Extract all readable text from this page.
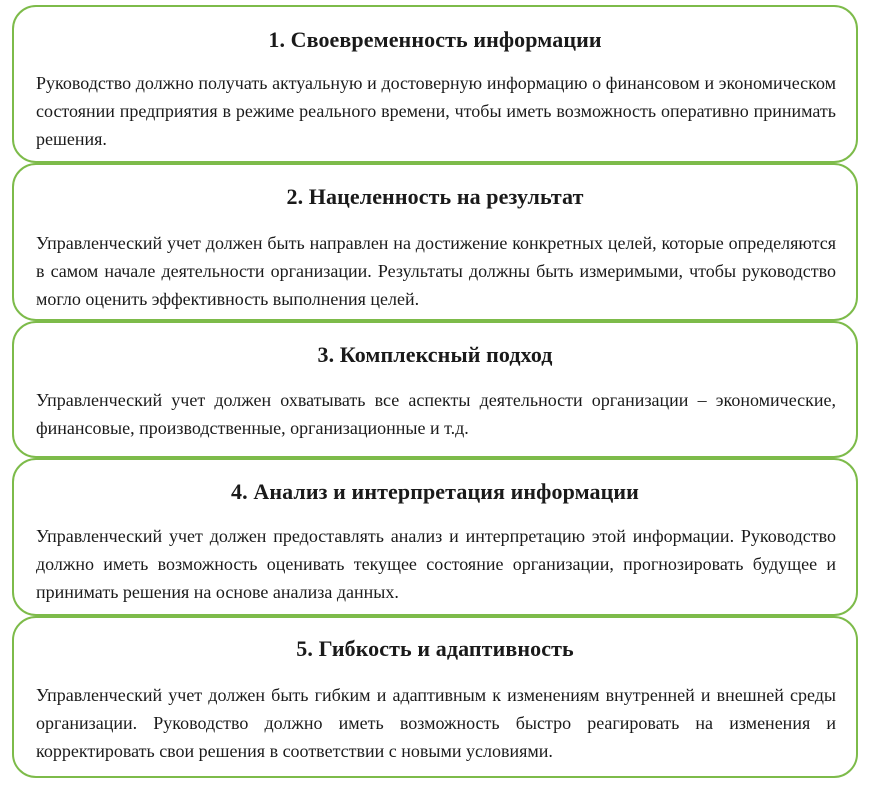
1. Своевременность информации

Руководство должно получать актуальную и достоверную информацию о финансовом и экономическом состоянии предприятия в режиме реального времени, чтобы иметь возможность оперативно принимать решения.

2. Нацеленность на результат

Управленческий учет должен быть направлен на достижение конкретных целей, которые определяются в самом начале деятельности организации. Результаты должны быть измеримыми, чтобы руководство могло оценить эффективность выполнения целей.

3. Комплексный подход

Управленческий учет должен охватывать все аспекты деятельности организации – экономические, финансовые, производственные, организационные и т.д.

4. Анализ и интерпретация информации

Управленческий учет должен предоставлять анализ и интерпретацию этой информации. Руководство должно иметь возможность оценивать текущее состояние организации, прогнозировать будущее и принимать решения на основе анализа данных.

5. Гибкость и адаптивность

Управленческий учет должен быть гибким и адаптивным к изменениям внутренней и внешней среды организации. Руководство должно иметь возможность быстро реагировать на изменения и корректировать свои решения в соответствии с новыми условиями.
